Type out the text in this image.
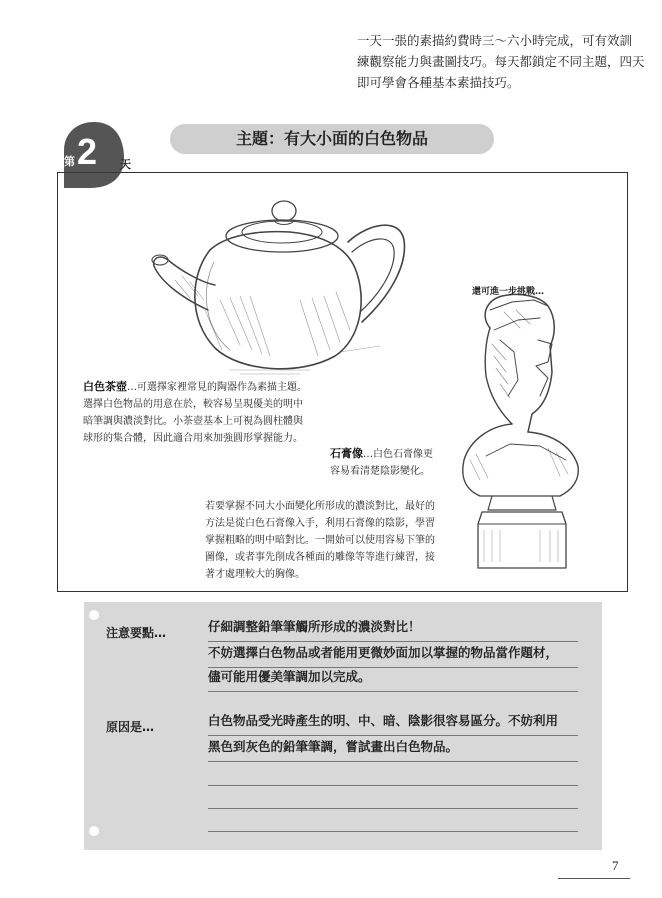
一天一張的素描約費時三～六小時完成，可有效訓

練觀察能力與畫圖技巧。每天都鎖定不同主題，四天

即可學會各種基本素描技巧。

第 2 天
主題：有大小面的白色物品
白色茶壺…可選擇家裡常見的陶器作為素描主題。
選擇白色物品的用意在於，較容易呈現優美的明中
暗筆調與濃淡對比。小茶壺基本上可視為圓柱體與
球形的集合體，因此適合用來加強圓形掌握能力。
還可進一步挑戰…
石膏像…白色石膏像更
容易看清楚陰影變化。
若要掌握不同大小面變化所形成的濃淡對比，最好的
方法是從白色石膏像入手，利用石膏像的陰影，學習
掌握粗略的明中暗對比。一開始可以使用容易下筆的
圖像，或者事先削成各種面的雕像等等進行練習，接
著才處理較大的胸像。
注意要點…	仔細調整鉛筆筆觸所形成的濃淡對比！
不妨選擇白色物品或者能用更微妙面加以掌握的物品當作題材，
儘可能用優美筆調加以完成。
原因是…	白色物品受光時產生的明、中、暗、陰影很容易區分。不妨利用
黑色到灰色的鉛筆筆調，嘗試畫出白色物品。
7
